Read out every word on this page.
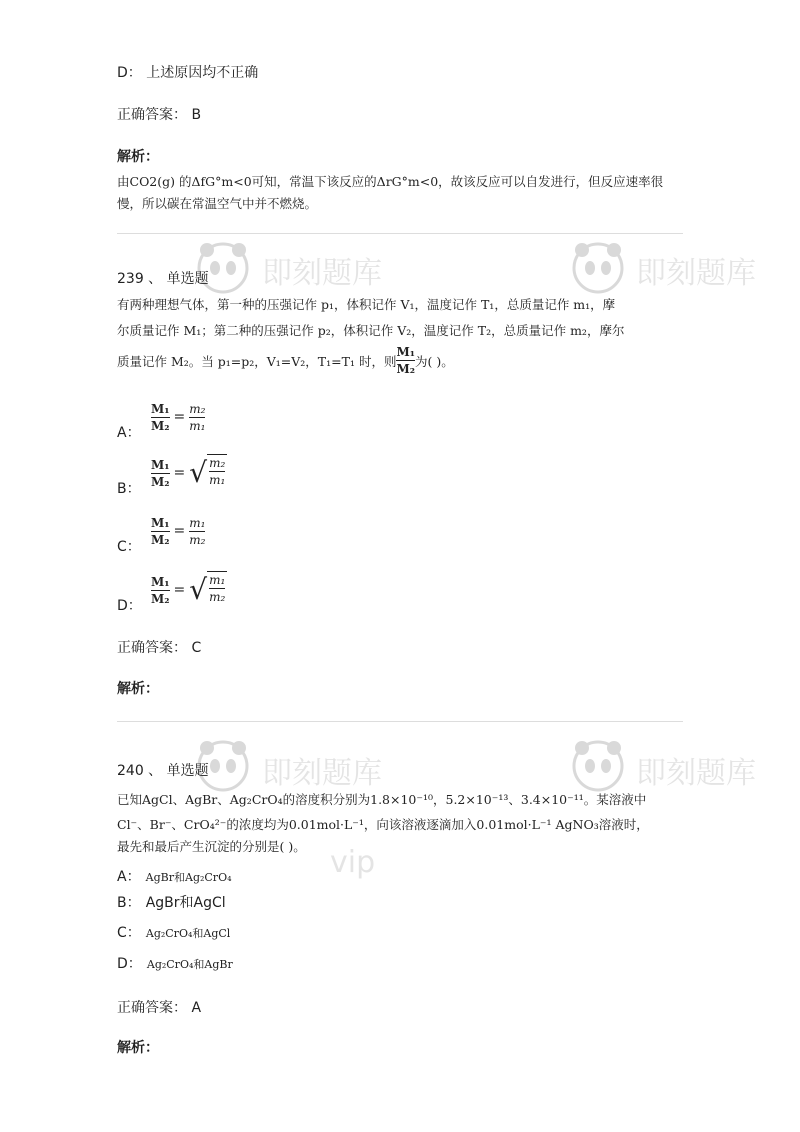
D： 上述原因均不正确
正确答案： B
解析：
由CO2(g) 的ΔfG°m<0可知，常温下该反应的ΔrG°m<0，故该反应可以自发进行，但反应速率很
慢，所以碳在常温空气中并不燃烧。
即刻题库	即刻题库
239 、 单选题
有两种理想气体，第一种的压强记作 p₁，体积记作 V₁，温度记作 T₁，总质量记作 m₁，摩
尔质量记作 M₁；第二种的压强记作 p₂，体积记作 V₂，温度记作 T₂，总质量记作 m₂，摩尔
质量记作 M₂。当 p₁=p₂，V₁=V₂，T₁=T₁ 时，则 $\frac{\text{M₁}}{\text{M₂}}$ 为( )。
A：
$\frac{\text{M₁}}{\text{M₂}} = \frac{\text{m₂}}{\text{m₁}}$
B：
$\frac{\text{M₁}}{\text{M₂}}$ = √ $\frac{\text{m₂}}{\text{m₁}}$
C：
$\frac{\text{M₁}}{\text{M₂}} = \frac{\text{m₁}}{\text{m₂}}$
D：
$\frac{\text{M₁}}{\text{M₂}}$ = √ $\frac{\text{m₁}}{\text{m₂}}$
正确答案： C
解析：
即刻题库
vip
即刻题库
240 、 单选题
已知AgCl、AgBr、Ag₂CrO₄的溶度积分别为1.8×10⁻¹⁰，5.2×10⁻¹³、3.4×10⁻¹¹。某溶液中
Cl⁻、Br⁻、CrO₄²⁻的浓度均为0.01mol·L⁻¹，向该溶液逐滴加入0.01mol·L⁻¹ AgNO₃溶液时，
最先和最后产生沉淀的分别是( )。
A： AgBr和Ag₂CrO₄
B： AgBr和AgCl
C： Ag₂CrO₄和AgCl
D： Ag₂CrO₄和AgBr
正确答案： A
解析：
